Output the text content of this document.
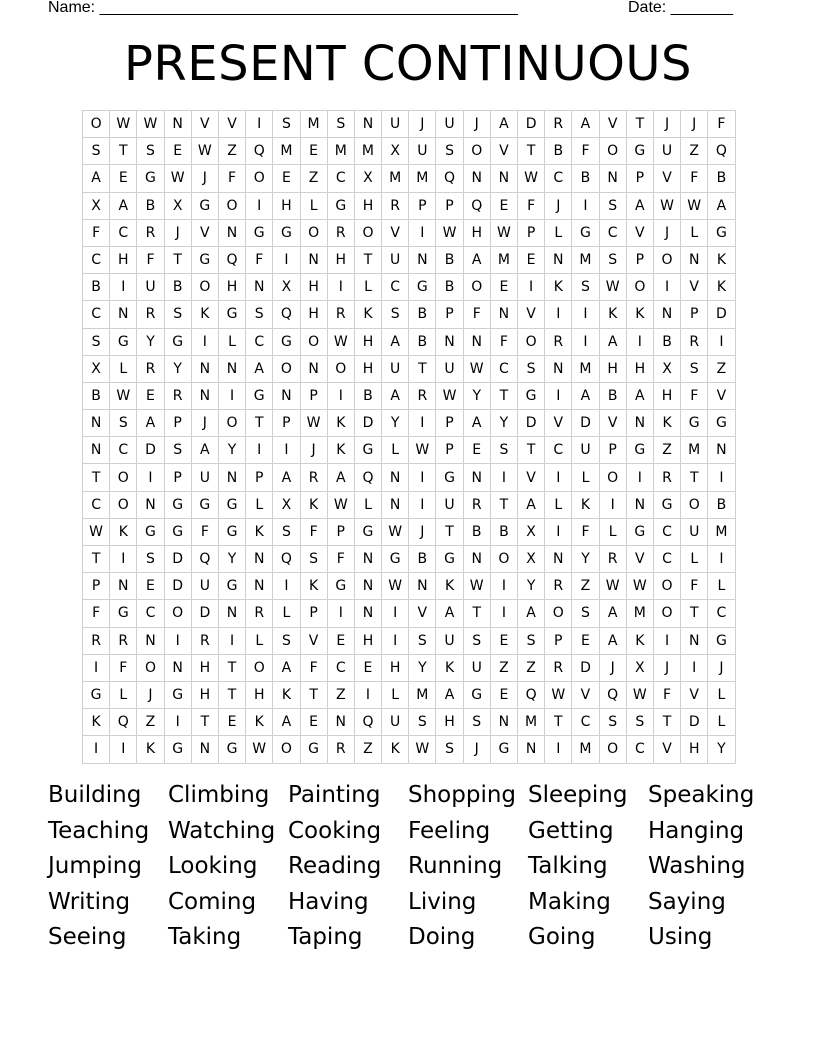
Name: _______________________________________________	Date: _______
PRESENT CONTINUOUS
O	W	W	N	V	V	I	S	M	S	N	U	J	U	J	A	D	R	A	V	T	J	J	F
S	T	S	E	W	Z	Q	M	E	M	M	X	U	S	O	V	T	B	F	O	G	U	Z	Q
A	E	G	W	J	F	O	E	Z	C	X	M	M	Q	N	N	W	C	B	N	P	V	F	B
X	A	B	X	G	O	I	H	L	G	H	R	P	P	Q	E	F	J	I	S	A	W	W	A
F	C	R	J	V	N	G	G	O	R	O	V	I	W	H	W	P	L	G	C	V	J	L	G
C	H	F	T	G	Q	F	I	N	H	T	U	N	B	A	M	E	N	M	S	P	O	N	K
B	I	U	B	O	H	N	X	H	I	L	C	G	B	O	E	I	K	S	W	O	I	V	K
C	N	R	S	K	G	S	Q	H	R	K	S	B	P	F	N	V	I	I	K	K	N	P	D
S	G	Y	G	I	L	C	G	O	W	H	A	B	N	N	F	O	R	I	A	I	B	R	I
X	L	R	Y	N	N	A	O	N	O	H	U	T	U	W	C	S	N	M	H	H	X	S	Z
B	W	E	R	N	I	G	N	P	I	B	A	R	W	Y	T	G	I	A	B	A	H	F	V
N	S	A	P	J	O	T	P	W	K	D	Y	I	P	A	Y	D	V	D	V	N	K	G	G
N	C	D	S	A	Y	I	I	J	K	G	L	W	P	E	S	T	C	U	P	G	Z	M	N
T	O	I	P	U	N	P	A	R	A	Q	N	I	G	N	I	V	I	L	O	I	R	T	I
C	O	N	G	G	G	L	X	K	W	L	N	I	U	R	T	A	L	K	I	N	G	O	B
W	K	G	G	F	G	K	S	F	P	G	W	J	T	B	B	X	I	F	L	G	C	U	M
T	I	S	D	Q	Y	N	Q	S	F	N	G	B	G	N	O	X	N	Y	R	V	C	L	I
P	N	E	D	U	G	N	I	K	G	N	W	N	K	W	I	Y	R	Z	W	W	O	F	L
F	G	C	O	D	N	R	L	P	I	N	I	V	A	T	I	A	O	S	A	M	O	T	C
R	R	N	I	R	I	L	S	V	E	H	I	S	U	S	E	S	P	E	A	K	I	N	G
I	F	O	N	H	T	O	A	F	C	E	H	Y	K	U	Z	Z	R	D	J	X	J	I	J
G	L	J	G	H	T	H	K	T	Z	I	L	M	A	G	E	Q	W	V	Q	W	F	V	L
K	Q	Z	I	T	E	K	A	E	N	Q	U	S	H	S	N	M	T	C	S	S	T	D	L
I	I	K	G	N	G	W	O	G	R	Z	K	W	S	J	G	N	I	M	O	C	V	H	Y
Building	Climbing Painting	Shopping Sleeping Speaking
Teaching Watching Cooking	Feeling	Getting	Hanging
Jumping	Looking	Reading	Running	Talking	Washing
Writing	Coming	Having	Living	Making	Saying
Seeing	Taking	Taping	Doing	Going	Using
